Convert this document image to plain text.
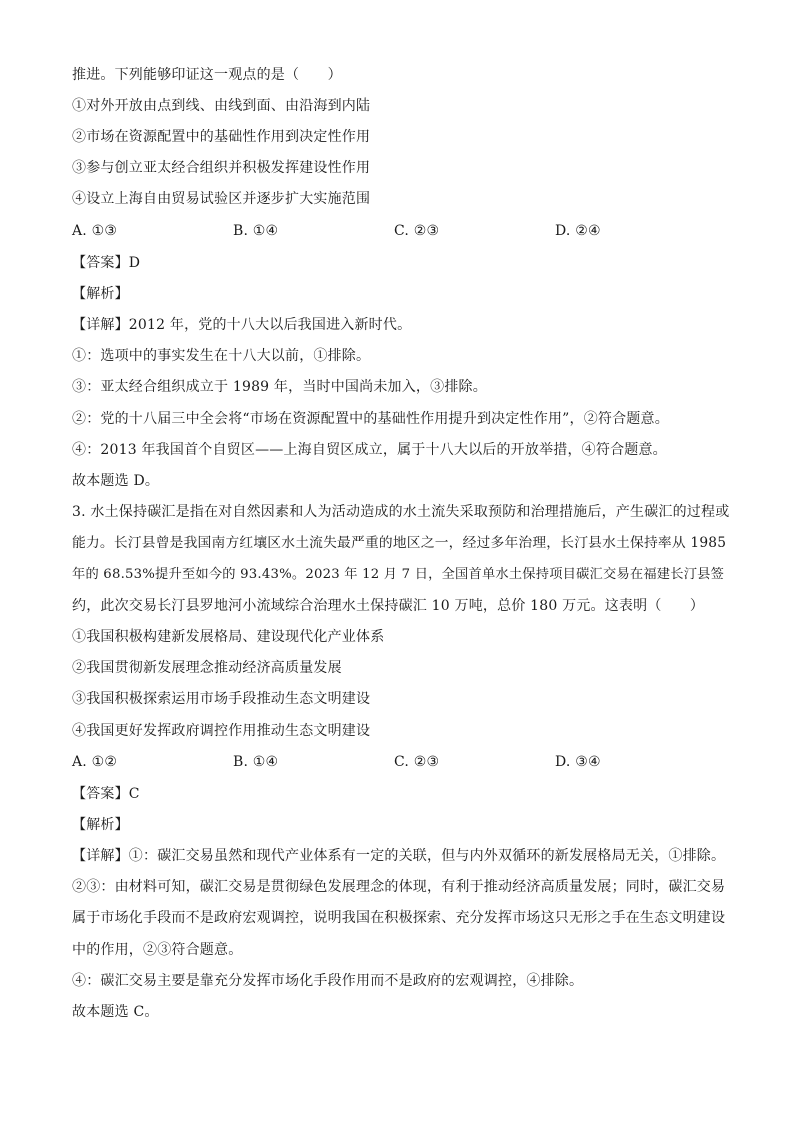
推进。下列能够印证这一观点的是（　　）
①对外开放由点到线、由线到面、由沿海到内陆
②市场在资源配置中的基础性作用到决定性作用
③参与创立亚太经合组织并积极发挥建设性作用
④设立上海自由贸易试验区并逐步扩大实施范围
A. ①③	B. ①④	C. ②③	D. ②④
【答案】D
【解析】
【详解】2012 年，党的十八大以后我国进入新时代。
①：选项中的事实发生在十八大以前，①排除。
③：亚太经合组织成立于 1989 年，当时中国尚未加入，③排除。
②：党的十八届三中全会将“市场在资源配置中的基础性作用提升到决定性作用”，②符合题意。
④：2013 年我国首个自贸区——上海自贸区成立，属于十八大以后的开放举措，④符合题意。
故本题选 D。
3. 水土保持碳汇是指在对自然因素和人为活动造成的水土流失采取预防和治理措施后，产生碳汇的过程或
能力。长汀县曾是我国南方红壤区水土流失最严重的地区之一，经过多年治理，长汀县水土保持率从 1985
年的 68.53%提升至如今的 93.43%。2023 年 12 月 7 日，全国首单水土保持项目碳汇交易在福建长汀县签
约，此次交易长汀县罗地河小流域综合治理水土保持碳汇 10 万吨，总价 180 万元。这表明（　　）
①我国积极构建新发展格局、建设现代化产业体系
②我国贯彻新发展理念推动经济高质量发展
③我国积极探索运用市场手段推动生态文明建设
④我国更好发挥政府调控作用推动生态文明建设
A. ①②	B. ①④	C. ②③	D. ③④
【答案】C
【解析】
【详解】①：碳汇交易虽然和现代产业体系有一定的关联，但与内外双循环的新发展格局无关，①排除。
②③：由材料可知，碳汇交易是贯彻绿色发展理念的体现，有利于推动经济高质量发展；同时，碳汇交易
属于市场化手段而不是政府宏观调控，说明我国在积极探索、充分发挥市场这只无形之手在生态文明建设
中的作用，②③符合题意。
④：碳汇交易主要是靠充分发挥市场化手段作用而不是政府的宏观调控，④排除。
故本题选 C。
